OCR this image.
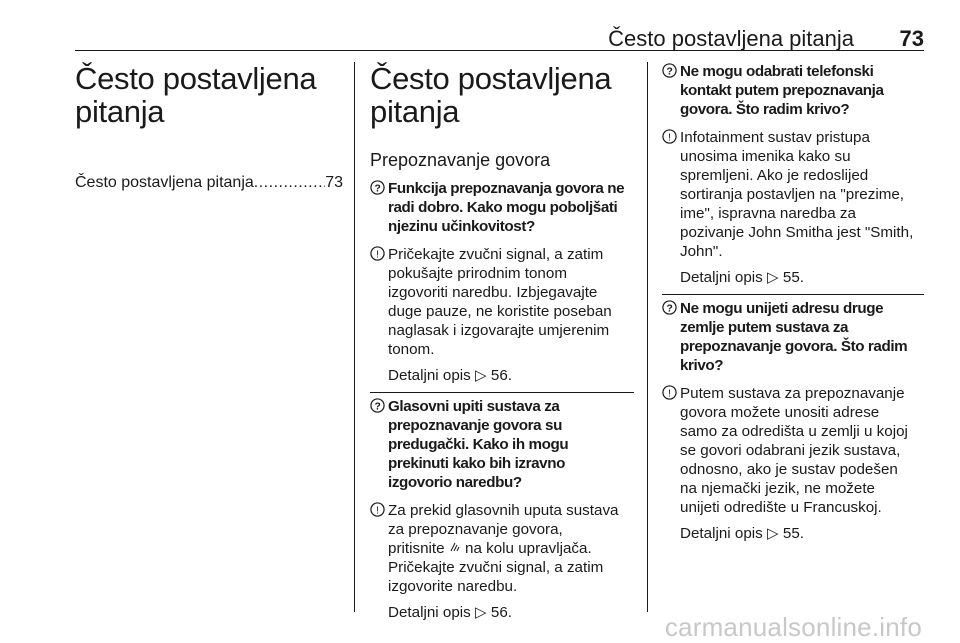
Često postavljena pitanja 73
Često postavljena
pitanja
Često postavljena pitanja
.....	73
Često postavljena
pitanja
Prepoznavanje govora
? Funkcija prepoznavanja govora ne
radi dobro. Kako mogu poboljšati
njezinu učinkovitost?
! Pričekajte zvučni signal, a zatim
pokušajte prirodnim tonom
izgovoriti naredbu. Izbjegavajte
duge pauze, ne koristite poseban
naglasak i izgovarajte umjerenim
tonom.
Detaljni opis ▷ 56.
? Glasovni upiti sustava za
prepoznavanje govora su
predugački. Kako ih mogu
prekinuti kako bih izravno
izgovorio naredbu?
! Za prekid glasovnih uputa sustava
za prepoznavanje govora,
pritisnite na kolu upravljača.
Pričekajte zvučni signal, a zatim
izgovorite naredbu.
Detaljni opis ▷ 56.
? Ne mogu odabrati telefonski
kontakt putem prepoznavanja
govora. Što radim krivo?
! Infotainment sustav pristupa
unosima imenika kako su
spremljeni. Ako je redoslijed
sortiranja postavljen na "prezime,
ime", ispravna naredba za
pozivanje John Smitha jest "Smith,
John".
Detaljni opis ▷ 55.
? Ne mogu unijeti adresu druge
zemlje putem sustava za
prepoznavanje govora. Što radim
krivo?
! Putem sustava za prepoznavanje
govora možete unositi adrese
samo za odredišta u zemlji u kojoj
se govori odabrani jezik sustava,
odnosno, ako je sustav podešen
na njemački jezik, ne možete
unijeti odredište u Francuskoj.
Detaljni opis ▷ 55.
carmanualsonline.info
